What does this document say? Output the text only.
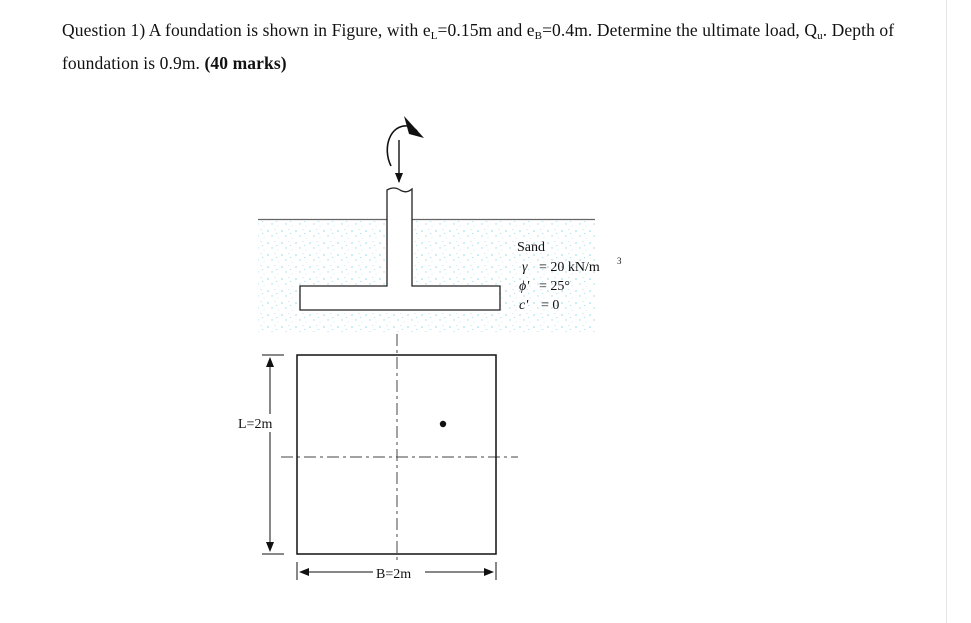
Question 1) A foundation is shown in Figure, with $e_L=0.15m$ and $e_B=0.4m$. Determine the ultimate load, $Q_u$. Depth of foundation is 0.9m. (40 marks)
Sand
γ = 20 kN/m 3
ϕ' = 25°
c' = 0
L=2m
B=2m
